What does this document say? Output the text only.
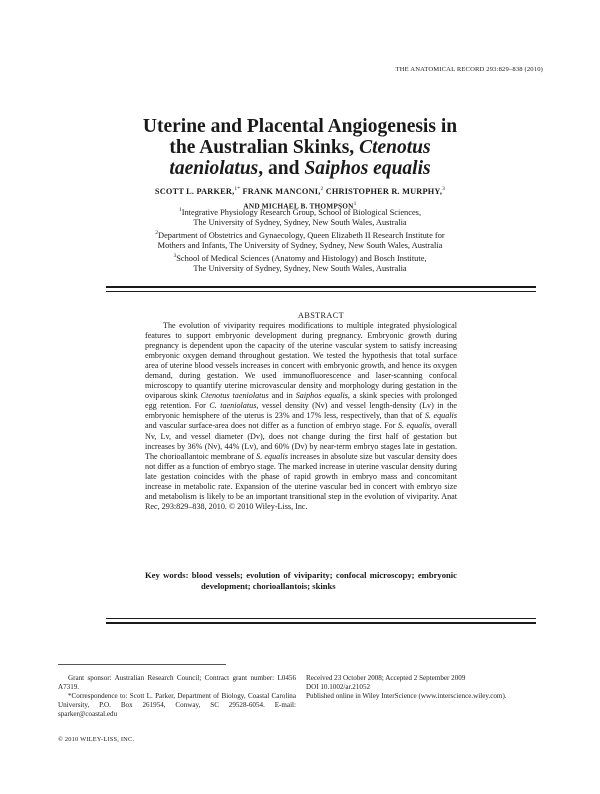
THE ANATOMICAL RECORD 293:829–838 (2010)
Uterine and Placental Angiogenesis in
the Australian Skinks, Ctenotus
taeniolatus, and Saiphos equalis
SCOTT L. PARKER,$^{1*}$ FRANK MANCONI,$^2$ CHRISTOPHER R. MURPHY,$^3$
AND MICHAEL B. THOMPSON$^1$
$^1$Integrative Physiology Research Group, School of Biological Sciences,
The University of Sydney, Sydney, New South Wales, Australia
$^2$Department of Obstetrics and Gynaecology, Queen Elizabeth II Research Institute for
Mothers and Infants, The University of Sydney, Sydney, New South Wales, Australia
$^3$School of Medical Sciences (Anatomy and Histology) and Bosch Institute,
The University of Sydney, Sydney, New South Wales, Australia
ABSTRACT
The evolution of viviparity requires modifications to multiple integrated physiological features to support embryonic development during pregnancy. Embryonic growth during pregnancy is dependent upon the capacity of the uterine vascular system to satisfy increasing embryonic oxygen demand throughout gestation. We tested the hypothesis that total surface area of uterine blood vessels increases in concert with embryonic growth, and hence its oxygen demand, during gestation. We used immunofluorescence and laser-scanning confocal microscopy to quantify uterine microvascular density and morphology during gestation in the oviparous skink Ctenotus taeniolatus and in Saiphos equalis, a skink species with prolonged egg retention. For C. taeniolatus, vessel density (Nv) and vessel length-density (Lv) in the embryonic hemisphere of the uterus is 23% and 17% less, respectively, than that of S. equalis and vascular surface-area does not differ as a function of embryo stage. For S. equalis, overall Nv, Lv, and vessel diameter (Dv), does not change during the first half of gestation but increases by 36% (Nv), 44% (Lv), and 60% (Dv) by near-term embryo stages late in gestation. The chorioallantoic membrane of S. equalis increases in absolute size but vascular density does not differ as a function of embryo stage. The marked increase in uterine vascular density during late gestation coincides with the phase of rapid growth in embryo mass and concomitant increase in metabolic rate. Expansion of the uterine vascular bed in concert with embryo size and metabolism is likely to be an important transitional step in the evolution of viviparity. Anat Rec, 293:829–838, 2010. © 2010 Wiley-Liss, Inc.
Key words: blood vessels; evolution of viviparity; confocal microscopy; embryonic development; chorioallantois; skinks

Grant sponsor: Australian Research Council; Contract grant number: L0456 A7319.

*Correspondence to: Scott L. Parker, Department of Biology, Coastal Carolina University, P.O. Box 261954, Conway, SC 29528-6054. E-mail: sparker@coastal.edu

Received 23 October 2008; Accepted 2 September 2009

DOI 10.1002/ar.21052

Published online in Wiley InterScience (www.interscience.wiley.com).

© 2010 WILEY-LISS, INC.
